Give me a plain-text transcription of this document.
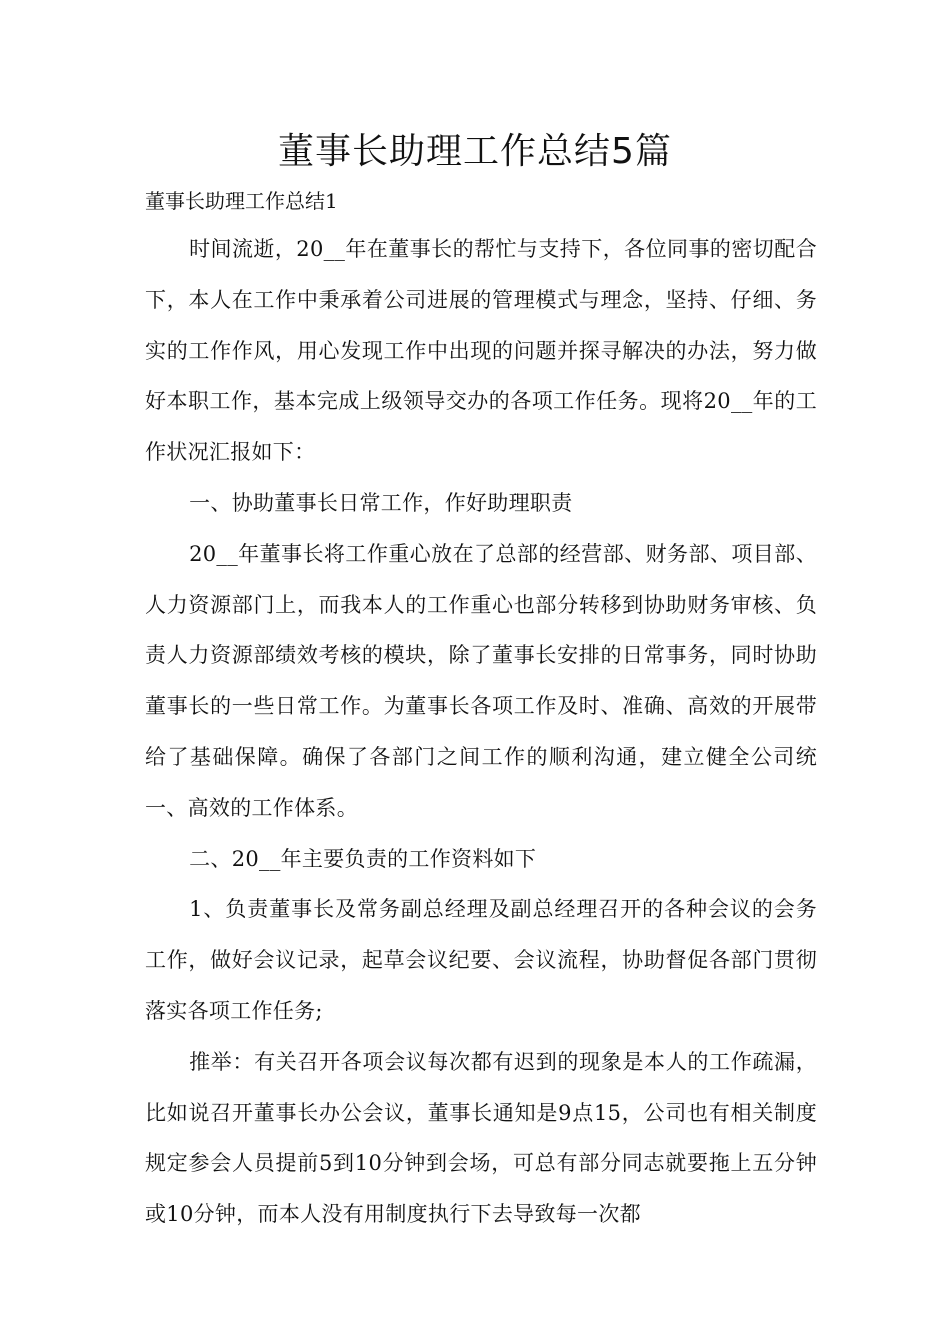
董事长助理工作总结5篇

董事长助理工作总结1

时间流逝，20__年在董事长的帮忙与支持下，各位同事的密切配合下，本人在工作中秉承着公司进展的管理模式与理念，坚持、仔细、务实的工作作风，用心发现工作中出现的问题并探寻解决的办法，努力做好本职工作，基本完成上级领导交办的各项工作任务。现将20__年的工作状况汇报如下：

一、协助董事长日常工作，作好助理职责

20__年董事长将工作重心放在了总部的经营部、财务部、项目部、人力资源部门上，而我本人的工作重心也部分转移到协助财务审核、负责人力资源部绩效考核的模块，除了董事长安排的日常事务，同时协助董事长的一些日常工作。为董事长各项工作及时、准确、高效的开展带给了基础保障。确保了各部门之间工作的顺利沟通，建立健全公司统一、高效的工作体系。

二、20__年主要负责的工作资料如下

1、负责董事长及常务副总经理及副总经理召开的各种会议的会务工作，做好会议记录，起草会议纪要、会议流程，协助督促各部门贯彻落实各项工作任务;

推举：有关召开各项会议每次都有迟到的现象是本人的工作疏漏，比如说召开董事长办公会议，董事长通知是9点15，公司也有相关制度规定参会人员提前5到10分钟到会场，可总有部分同志就要拖上五分钟或10分钟，而本人没有用制度执行下去导致每一次都
